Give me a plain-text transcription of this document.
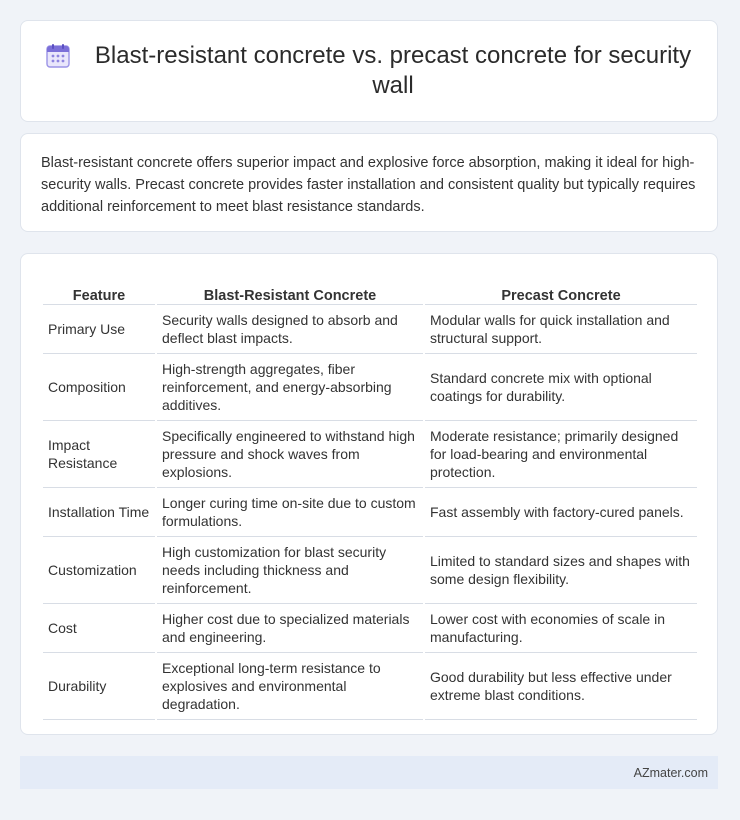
Blast-resistant concrete vs. precast concrete for security wall

Blast-resistant concrete offers superior impact and explosive force absorption, making it ideal for high-security walls. Precast concrete provides faster installation and consistent quality but typically requires additional reinforcement to meet blast resistance standards.

Feature	Blast-Resistant Concrete	Precast Concrete
Primary Use	Security walls designed to absorb and deflect blast impacts.	Modular walls for quick installation and structural support.
Composition	High-strength aggregates, fiber reinforcement, and energy-absorbing additives.	Standard concrete mix with optional coatings for durability.
Impact Resistance	Specifically engineered to withstand high pressure and shock waves from explosions.	Moderate resistance; primarily designed for load-bearing and environmental protection.
Installation Time	Longer curing time on-site due to custom formulations.	Fast assembly with factory-cured panels.
Customization	High customization for blast security needs including thickness and reinforcement.	Limited to standard sizes and shapes with some design flexibility.
Cost	Higher cost due to specialized materials and engineering.	Lower cost with economies of scale in manufacturing.
Durability	Exceptional long-term resistance to explosives and environmental degradation.	Good durability but less effective under extreme blast conditions.
AZmater.com
